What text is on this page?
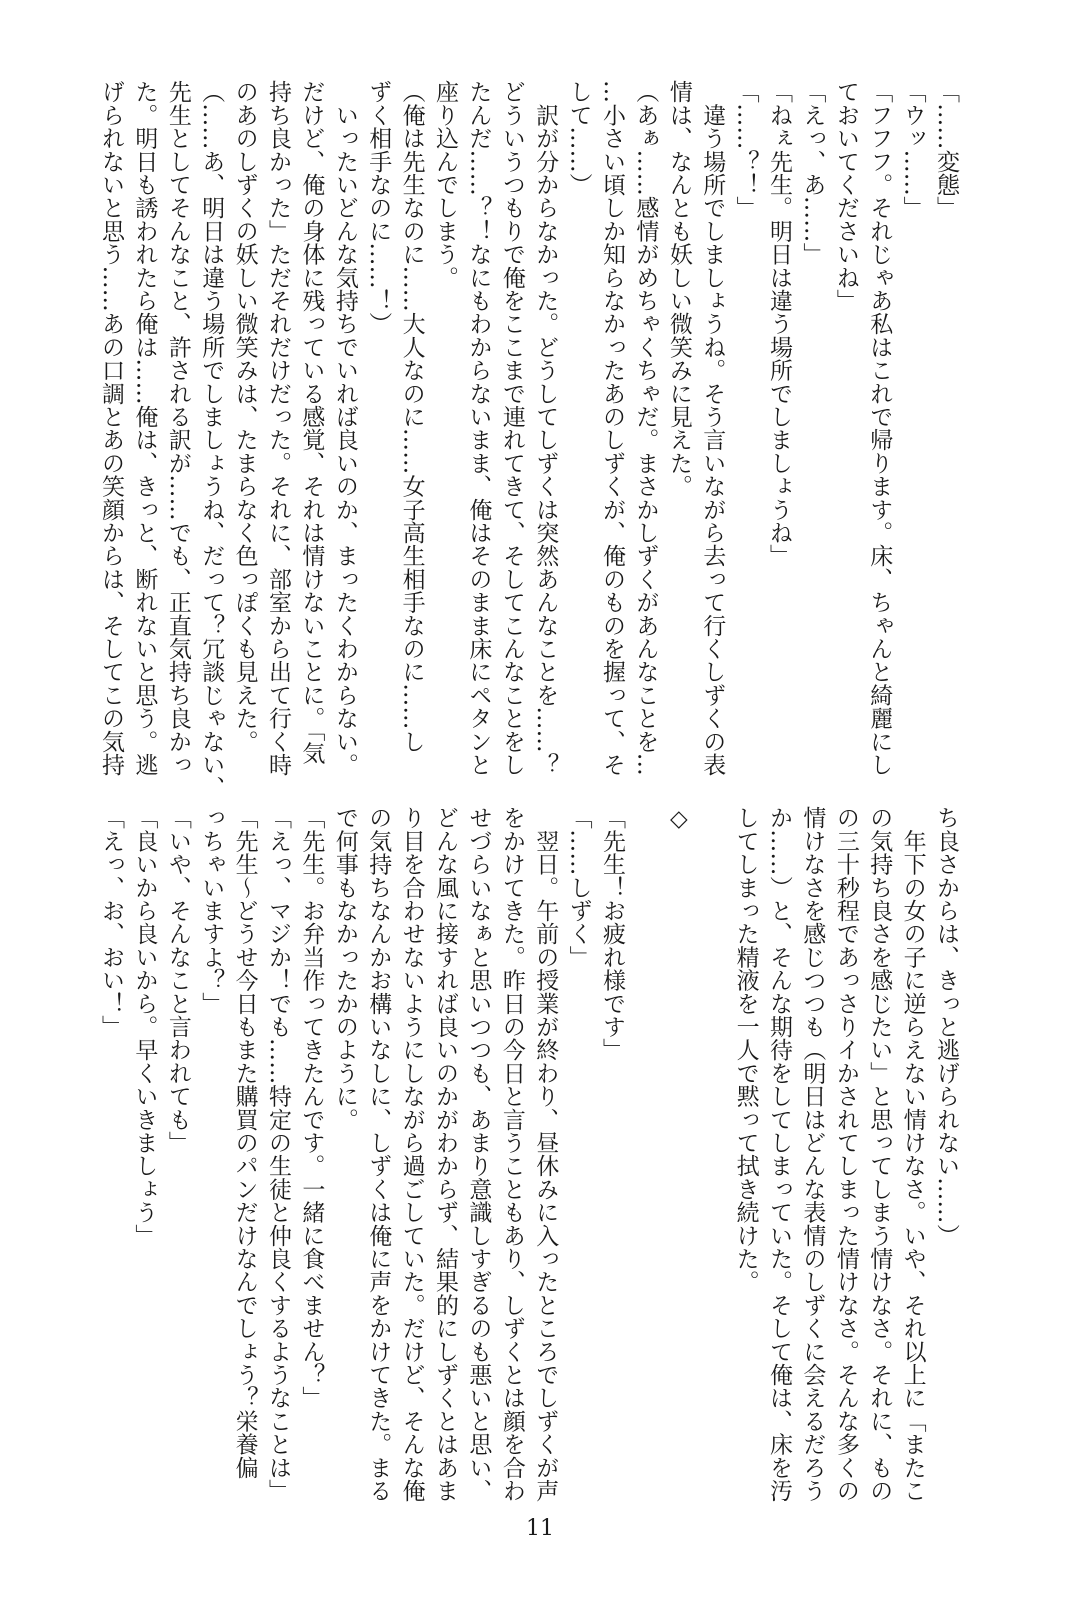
「……変態」
「ウッ……」
「フフフ。それじゃあ私はこれで帰ります。床、ちゃんと綺麗にし
ておいてくださいね」
「えっ、あ……」
「ねぇ先生。明日は違う場所でしましょうね」
「……？！」
　違う場所でしましょうね。そう言いながら去って行くしずくの表
情は、なんとも妖しい微笑みに見えた。
（あぁ……感情がめちゃくちゃだ。まさかしずくがあんなことを…
…小さい頃しか知らなかったあのしずくが、俺のものを握って、そ
して……）
　訳が分からなかった。どうしてしずくは突然あんなことを……？
どういうつもりで俺をここまで連れてきて、そしてこんなことをし
たんだ……？！なにもわからないまま、俺はそのまま床にペタンと
座り込んでしまう。
（俺は先生なのに……大人なのに……女子高生相手なのに……し
ずく相手なのに……！）
　いったいどんな気持ちでいれば良いのか、まったくわからない。
だけど、俺の身体に残っている感覚、それは情けないことに。「気
持ち良かった」ただそれだけだった。それに、部室から出て行く時
のあのしずくの妖しい微笑みは、たまらなく色っぽくも見えた。
（……あ、明日は違う場所でしましょうね、だって？冗談じゃない、
先生としてそんなこと、許される訳が……でも、正直気持ち良かっ
た。明日も誘われたら俺は……俺は、きっと、断れないと思う。逃
げられないと思う……あの口調とあの笑顔からは、そしてこの気持
ち良さからは、きっと逃げられない……）
　年下の女の子に逆らえない情けなさ。いや、それ以上に「またこ
の気持ち良さを感じたい」と思ってしまう情けなさ。それに、もの
の三十秒程であっさりイかされてしまった情けなさ。そんな多くの
情けなさを感じつつも（明日はどんな表情のしずくに会えるだろう
か……）と、そんな期待をしてしまっていた。そして俺は、床を汚
してしまった精液を一人で黙って拭き続けた。
◇
「先生！お疲れ様です」
「……しずく」
　翌日。午前の授業が終わり、昼休みに入ったところでしずくが声
をかけてきた。昨日の今日と言うこともあり、しずくとは顔を合わ
せづらいなぁと思いつつも、あまり意識しすぎるのも悪いと思い、
どんな風に接すれば良いのかがわからず、結果的にしずくとはあま
り目を合わせないようにしながら過ごしていた。だけど、そんな俺
の気持ちなんかお構いなしに、しずくは俺に声をかけてきた。まる
で何事もなかったかのように。
「先生。お弁当作ってきたんです。一緒に食べません？」
「えっ、マジか！でも……特定の生徒と仲良くするようなことは」
「先生〜どうせ今日もまた購買のパンだけなんでしょう？栄養偏
っちゃいますよ？」
「いや、そんなこと言われても」
「良いから良いから。早くいきましょう」
「えっ、お、おい！」
11
